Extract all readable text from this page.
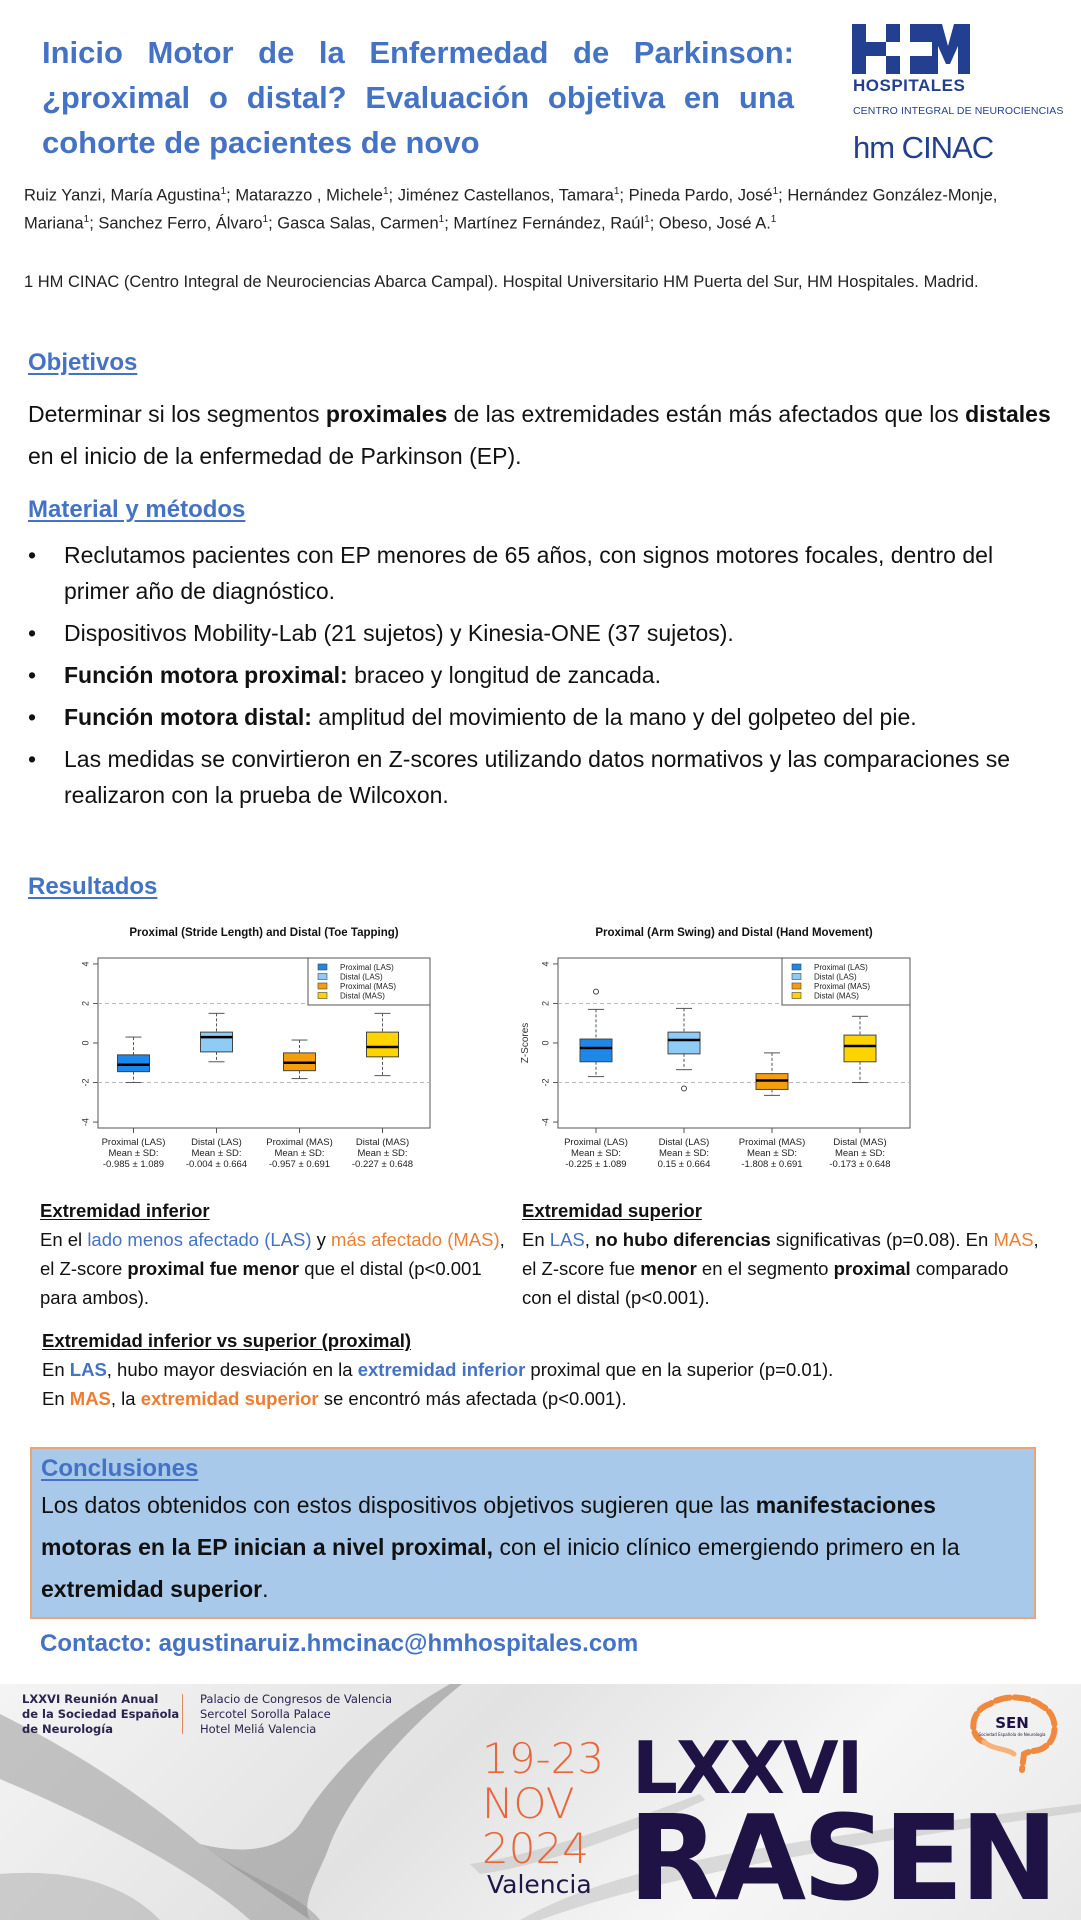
Inicio Motor de la Enfermedad de Parkinson: ¿proximal o distal? Evaluación objetiva en una cohorte de pacientes de novo
HOSPITALES
CENTRO INTEGRAL DE NEUROCIENCIAS
hm CINAC
Ruiz Yanzi, María Agustina$^1$; Matarazzo , Michele$^1$; Jiménez Castellanos, Tamara$^1$; Pineda Pardo, José$^1$; Hernández González-Monje, Mariana$^1$; Sanchez Ferro, Álvaro$^1$; Gasca Salas, Carmen$^1$; Martínez Fernández, Raúl$^1$; Obeso, José A.$^1$
1 HM CINAC (Centro Integral de Neurociencias Abarca Campal). Hospital Universitario HM Puerta del Sur, HM Hospitales. Madrid.
Objetivos
Determinar si los segmentos proximales de las extremidades están más afectados que los distales en el inicio de la enfermedad de Parkinson (EP).
Material y métodos
• Reclutamos pacientes con EP menores de 65 años, con signos motores focales, dentro del primer año de diagnóstico.
• Dispositivos Mobility-Lab (21 sujetos) y Kinesia-ONE (37 sujetos).
• Función motora proximal: braceo y longitud de zancada.
• Función motora distal: amplitud del movimiento de la mano y del golpeteo del pie.
• Las medidas se convirtieron en Z-scores utilizando datos normativos y las comparaciones se realizaron con la prueba de Wilcoxon.
Resultados
Proximal (Stride Length) and Distal (Toe Tapping)
-4
-2
0
2
4
Proximal (LAS)
Mean ± SD:
-0.985 ± 1.089
Distal (LAS)
Mean ± SD:
-0.004 ± 0.664
Proximal (MAS)
Mean ± SD:
-0.957 ± 0.691
Distal (MAS)
Mean ± SD:
-0.227 ± 0.648
Proximal (LAS)
Distal (LAS)
Proximal (MAS)
Distal (MAS)
Proximal (Arm Swing) and Distal (Hand Movement)
-4
-2
0
2
4
Z-Scores
Proximal (LAS)
Mean ± SD:
-0.225 ± 1.089
Distal (LAS)
Mean ± SD:
0.15 ± 0.664
Proximal (MAS)
Mean ± SD:
-1.808 ± 0.691
Distal (MAS)
Mean ± SD:
-0.173 ± 0.648
Proximal (LAS)
Distal (LAS)
Proximal (MAS)
Distal (MAS)
Extremidad inferior
En el lado menos afectado (LAS) y más afectado (MAS), el Z-score proximal fue menor que el distal (p<0.001 para ambos).
Extremidad superior
En LAS, no hubo diferencias significativas (p=0.08). En MAS, el Z-score fue menor en el segmento proximal comparado con el distal (p<0.001).
Extremidad inferior vs superior (proximal)
En LAS, hubo mayor desviación en la extremidad inferior proximal que en la superior (p=0.01).
En MAS, la extremidad superior se encontró más afectada (p<0.001).
Conclusiones
Los datos obtenidos con estos dispositivos objetivos sugieren que las manifestaciones motoras en la EP inician a nivel proximal, con el inicio clínico emergiendo primero en la extremidad superior.
Contacto: agustinaruiz.hmcinac@hmhospitales.com
LXXVI Reunión Anual
de la Sociedad Española
de Neurología
Palacio de Congresos de Valencia
Sercotel Sorolla Palace
Hotel Meliá Valencia
19-23
NOV
2024
Valencia
LXXVI
RASEN
SEN
Sociedad Española de Neurología
